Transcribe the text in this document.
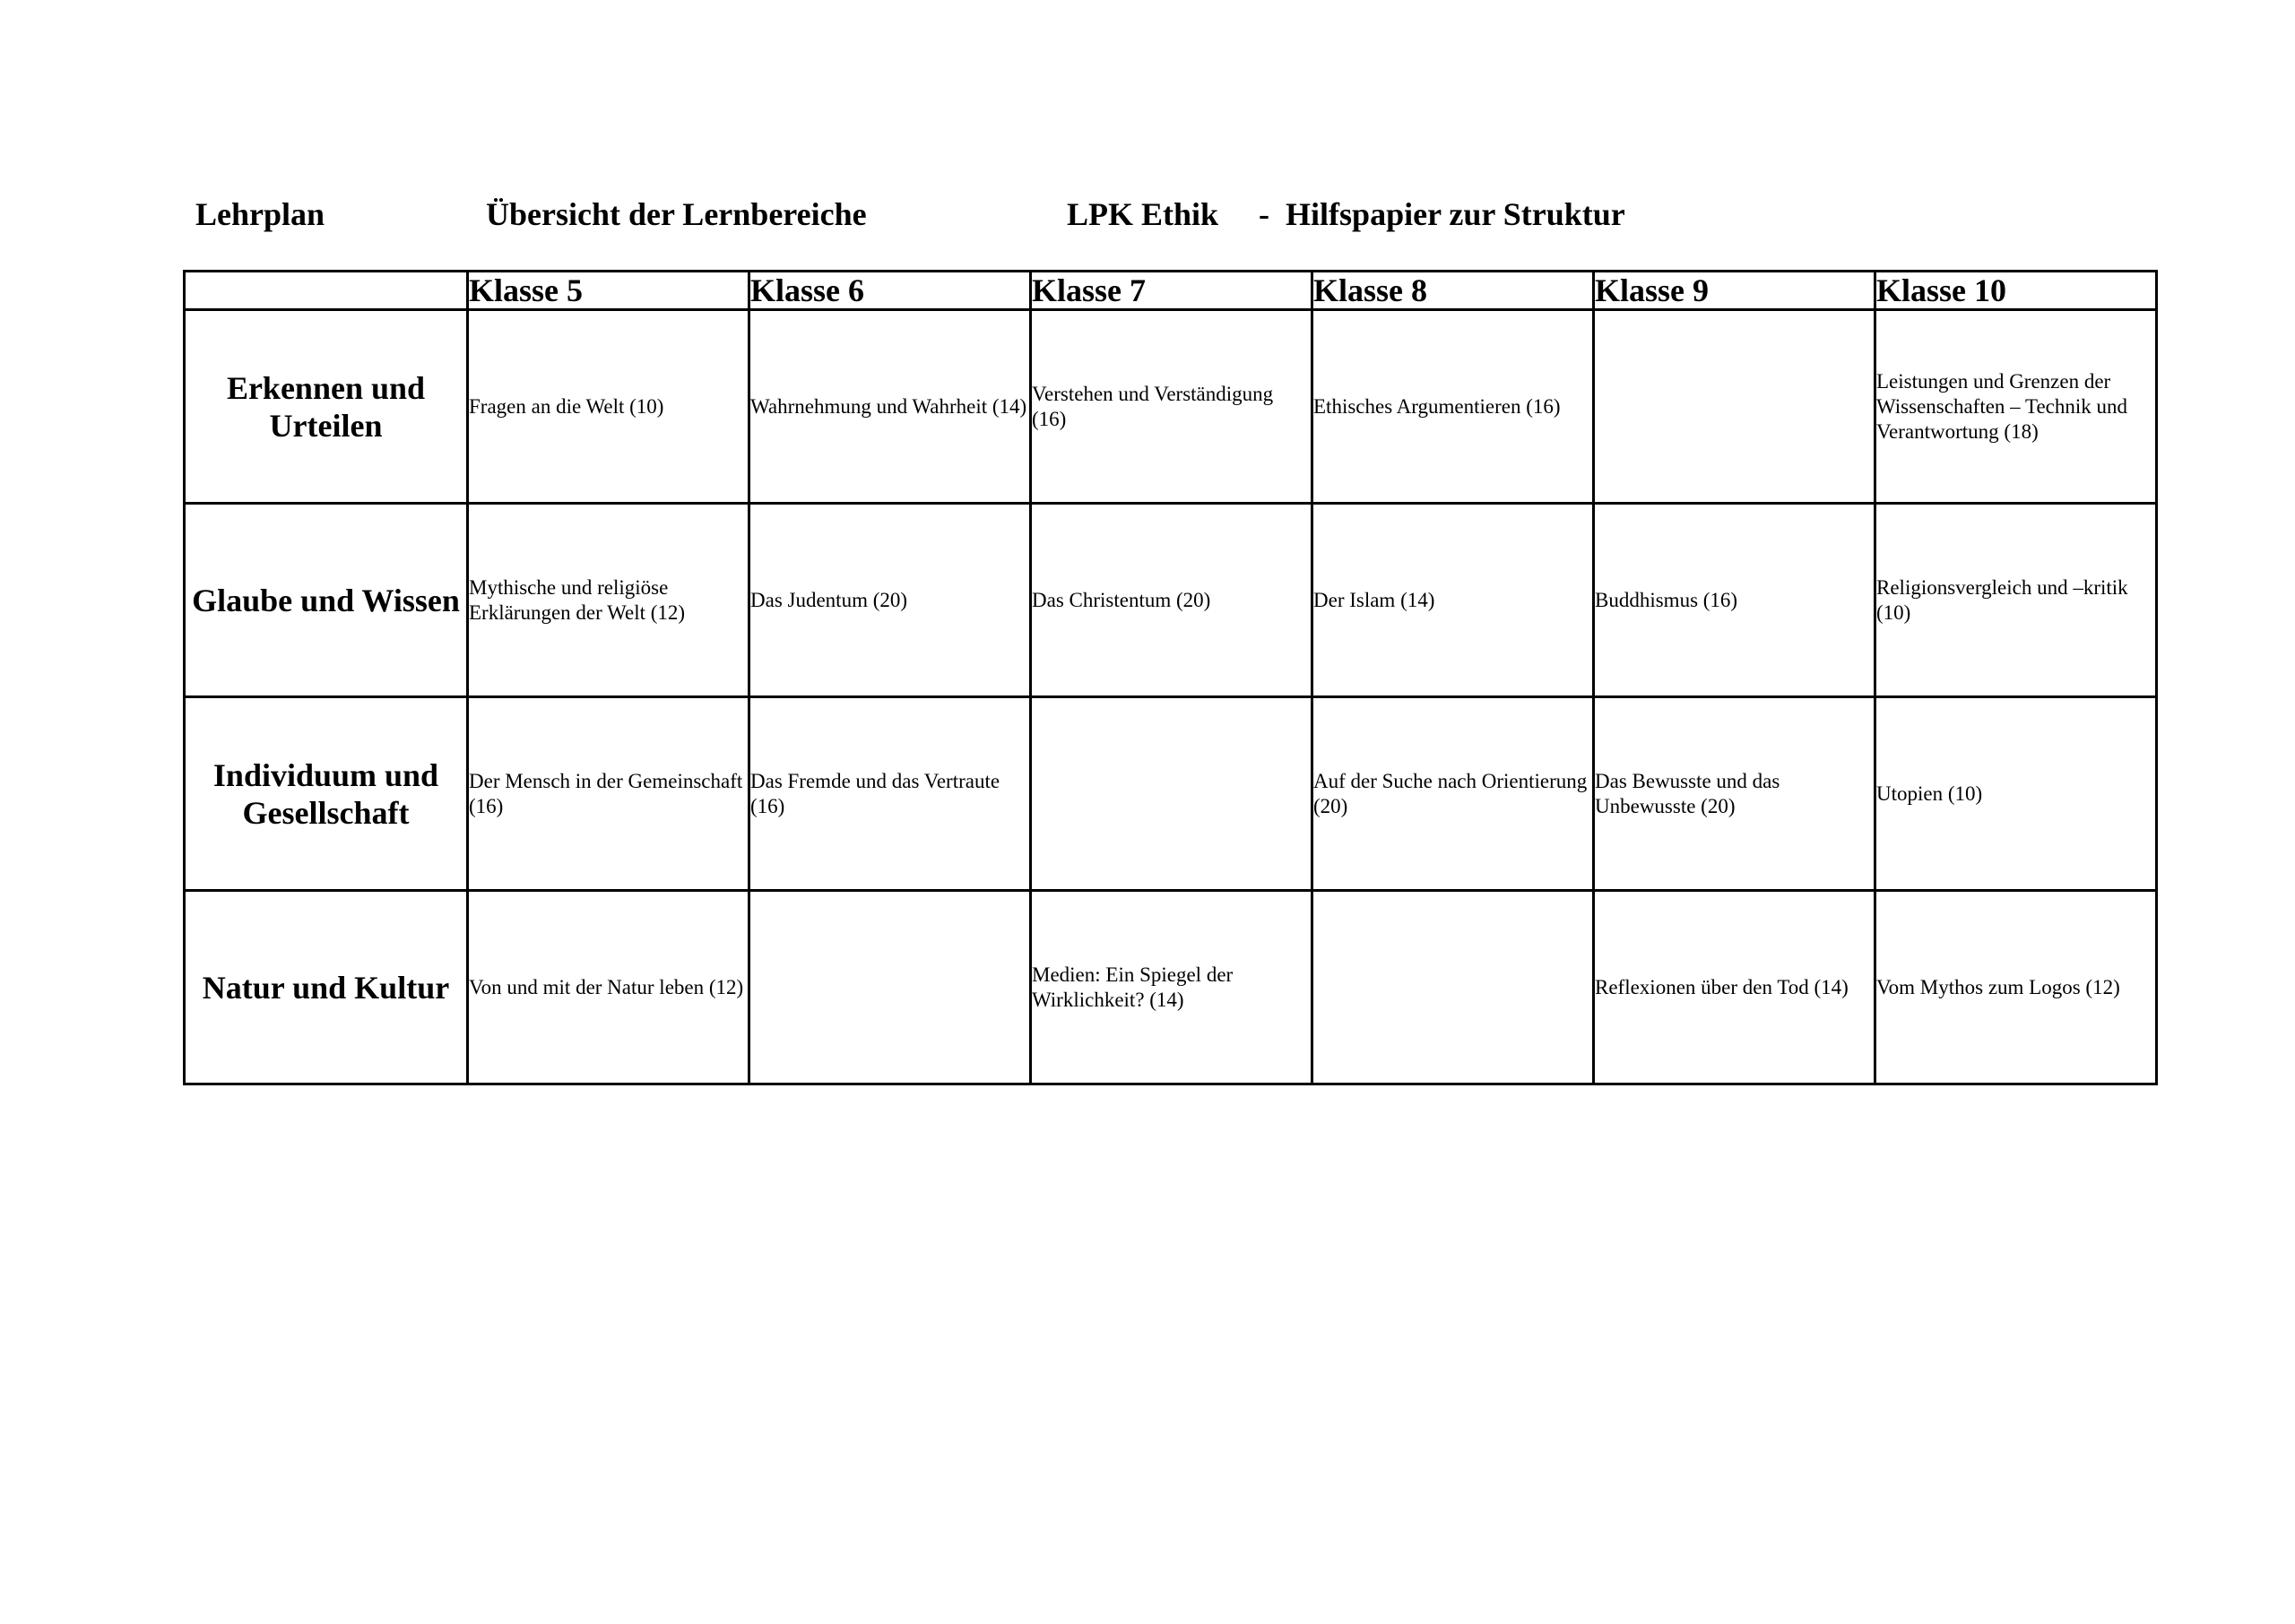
Lehrplan	Übersicht der Lernbereiche	LPK Ethik     -  Hilfspapier zur Struktur
	Klasse 5	Klasse 6	Klasse 7	Klasse 8	Klasse 9	Klasse 10
Erkennen und Urteilen	Fragen an die Welt (10)	Wahrnehmung und Wahrheit (14)	Verstehen und Verständigung (16)	Ethisches Argumentieren (16)		Leistungen und Grenzen der Wissenschaften – Technik und Verantwortung (18)
Glaube und Wissen	Mythische und religiöse Erklärungen der Welt (12)	Das Judentum (20)	Das Christentum (20)	Der Islam (14)	Buddhismus (16)	Religionsvergleich und –kritik (10)
Individuum und Gesellschaft	Der Mensch in der Gemeinschaft (16)	Das Fremde und das Vertraute (16)		Auf der Suche nach Orientierung (20)	Das Bewusste und das Unbewusste (20)	Utopien (10)
Natur und Kultur	Von und mit der Natur leben (12)		Medien: Ein Spiegel der Wirklichkeit? (14)		Reflexionen über den Tod (14)	Vom Mythos zum Logos (12)
